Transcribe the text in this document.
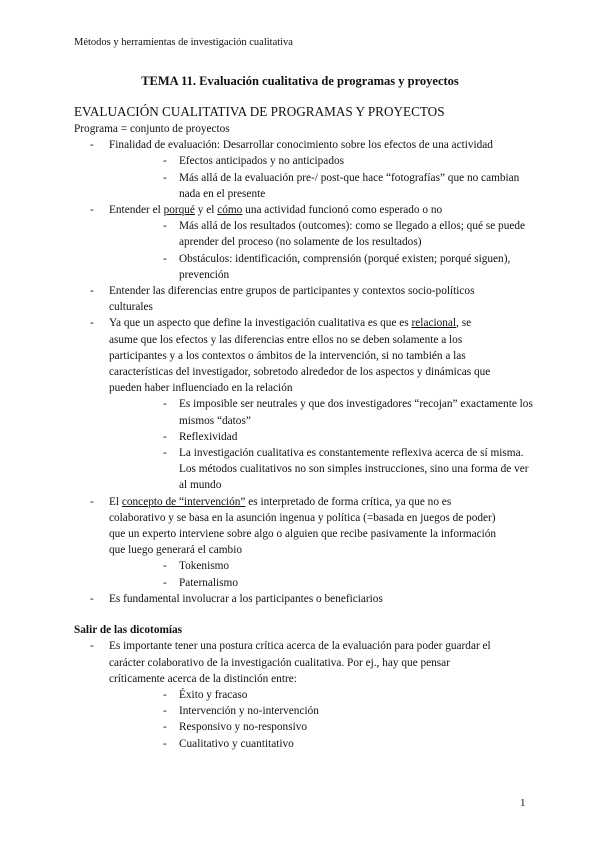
Métodos y herramientas de investigación cualitativa
TEMA 11. Evaluación cualitativa de programas y proyectos
EVALUACIÓN CUALITATIVA DE PROGRAMAS Y PROYECTOS
Programa = conjunto de proyectos
- Finalidad de evaluación: Desarrollar conocimiento sobre los efectos de una actividad
- Efectos anticipados y no anticipados
- Más allá de la evaluación pre-/ post-que hace “fotografías” que no cambian
nada en el presente
- Entender el porqué y el cómo una actividad funcionó como esperado o no
- Más allá de los resultados (outcomes): como se llegado a ellos; qué se puede
aprender del proceso (no solamente de los resultados)
- Obstáculos: identificación, comprensión (porqué existen; porqué siguen),
prevención
- Entender las diferencias entre grupos de participantes y contextos socio-políticos
culturales
- Ya que un aspecto que define la investigación cualitativa es que es relacional, se
asume que los efectos y las diferencias entre ellos no se deben solamente a los
participantes y a los contextos o ámbitos de la intervención, si no también a las
características del investigador, sobretodo alrededor de los aspectos y dinámicas que
pueden haber influenciado en la relación
- Es imposible ser neutrales y que dos investigadores “recojan” exactamente los
mismos “datos”
- Reflexividad
- La investigación cualitativa es constantemente reflexiva acerca de sí misma.
Los métodos cualitativos no son simples instrucciones, sino una forma de ver
al mundo
- El concepto de “intervención” es interpretado de forma crítica, ya que no es
colaborativo y se basa en la asunción ingenua y política (=basada en juegos de poder)
que un experto interviene sobre algo o alguien que recibe pasivamente la información
que luego generará el cambio
- Tokenismo
- Paternalismo
- Es fundamental involucrar a los participantes o beneficiarios
Salir de las dicotomías
- Es importante tener una postura crítica acerca de la evaluación para poder guardar el
carácter colaborativo de la investigación cualitativa. Por ej., hay que pensar
críticamente acerca de la distinción entre:
- Éxito y fracaso
- Intervención y no-intervención
- Responsivo y no-responsivo
- Cualitativo y cuantitativo
1
